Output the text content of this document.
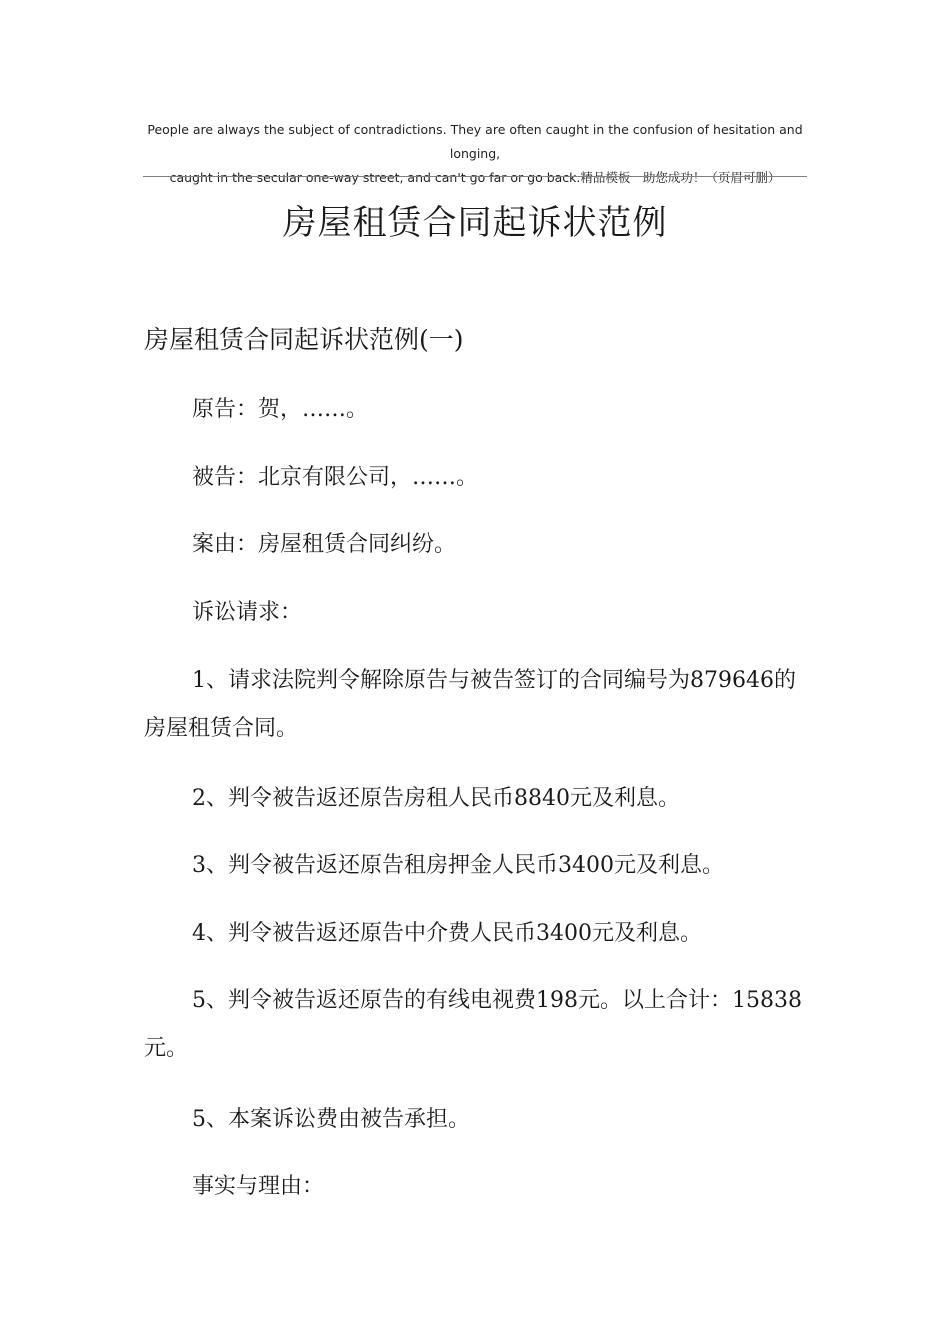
People are always the subject of contradictions. They are often caught in the confusion of hesitation and longing,
caught in the secular one-way street, and can't go far or go back.精品模板　助您成功！（页眉可删）
房屋租赁合同起诉状范例
房屋租赁合同起诉状范例(一)

原告：贺，……。

被告：北京有限公司，……。

案由：房屋租赁合同纠纷。

诉讼请求：

1、请求法院判令解除原告与被告签订的合同编号为879646的房屋租赁合同。

2、判令被告返还原告房租人民币8840元及利息。

3、判令被告返还原告租房押金人民币3400元及利息。

4、判令被告返还原告中介费人民币3400元及利息。

5、判令被告返还原告的有线电视费198元。以上合计：15838元。

5、本案诉讼费由被告承担。

事实与理由：
